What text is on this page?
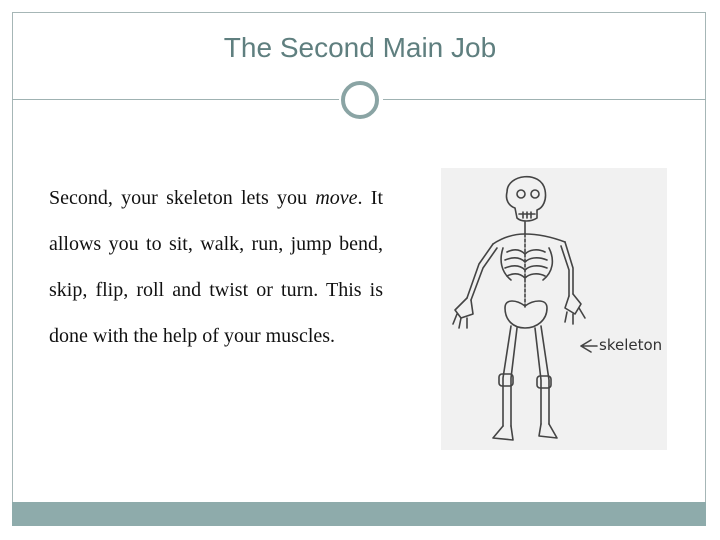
The Second Main Job
Second, your skeleton lets you move. It allows you to sit, walk, run, jump bend, skip, flip, roll and twist or turn. This is done with the help of your muscles.	skeleton
